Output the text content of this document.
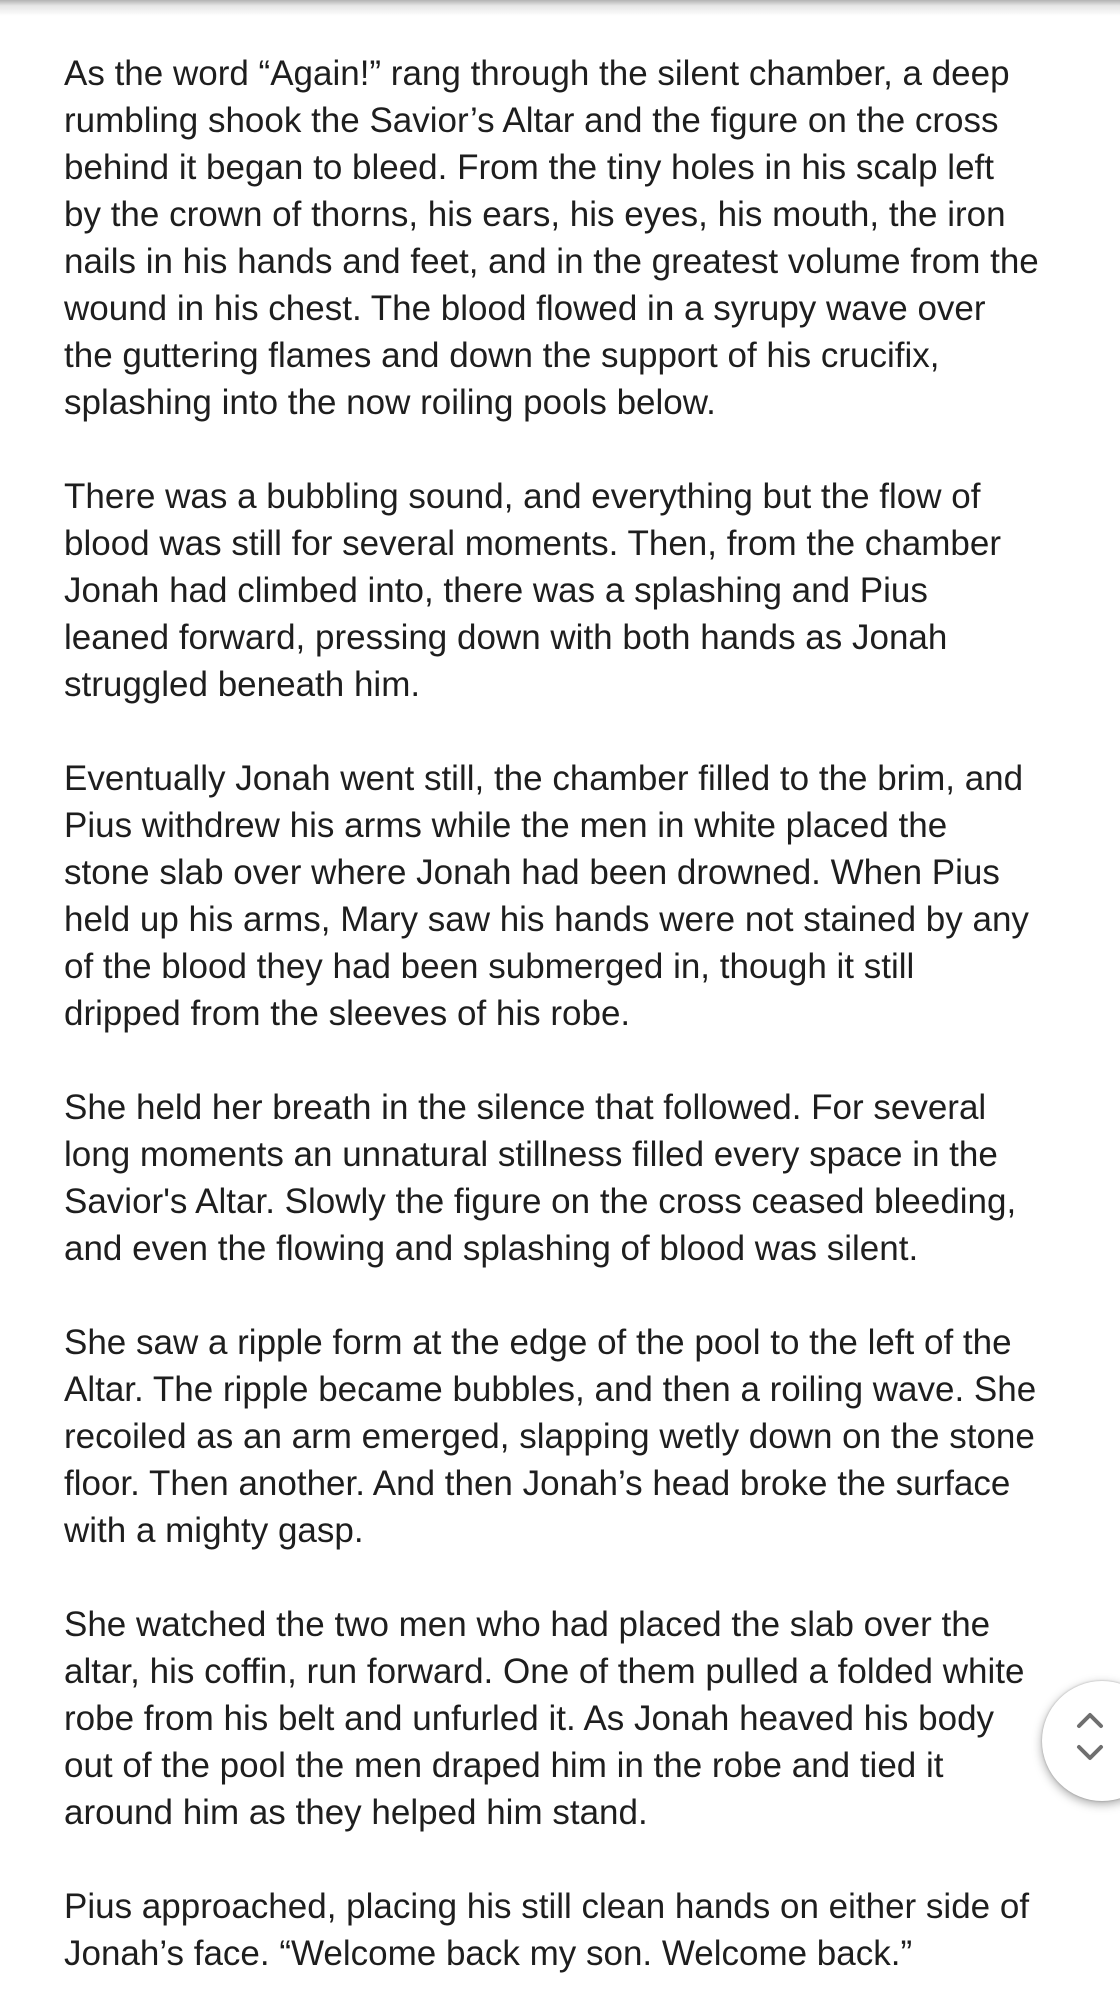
As the word “Again!” rang through the silent chamber, a deep
rumbling shook the Savior’s Altar and the figure on the cross
behind it began to bleed. From the tiny holes in his scalp left
by the crown of thorns, his ears, his eyes, his mouth, the iron
nails in his hands and feet, and in the greatest volume from the
wound in his chest. The blood flowed in a syrupy wave over
the guttering flames and down the support of his crucifix,
splashing into the now roiling pools below.

There was a bubbling sound, and everything but the flow of
blood was still for several moments. Then, from the chamber
Jonah had climbed into, there was a splashing and Pius
leaned forward, pressing down with both hands as Jonah
struggled beneath him.

Eventually Jonah went still, the chamber filled to the brim, and
Pius withdrew his arms while the men in white placed the
stone slab over where Jonah had been drowned. When Pius
held up his arms, Mary saw his hands were not stained by any
of the blood they had been submerged in, though it still
dripped from the sleeves of his robe.

She held her breath in the silence that followed. For several
long moments an unnatural stillness filled every space in the
Savior's Altar. Slowly the figure on the cross ceased bleeding,
and even the flowing and splashing of blood was silent.

She saw a ripple form at the edge of the pool to the left of the
Altar. The ripple became bubbles, and then a roiling wave. She
recoiled as an arm emerged, slapping wetly down on the stone
floor. Then another. And then Jonah’s head broke the surface
with a mighty gasp.

She watched the two men who had placed the slab over the
altar, his coffin, run forward. One of them pulled a folded white
robe from his belt and unfurled it. As Jonah heaved his body
out of the pool the men draped him in the robe and tied it
around him as they helped him stand.

Pius approached, placing his still clean hands on either side of
Jonah’s face. “Welcome back my son. Welcome back.”
